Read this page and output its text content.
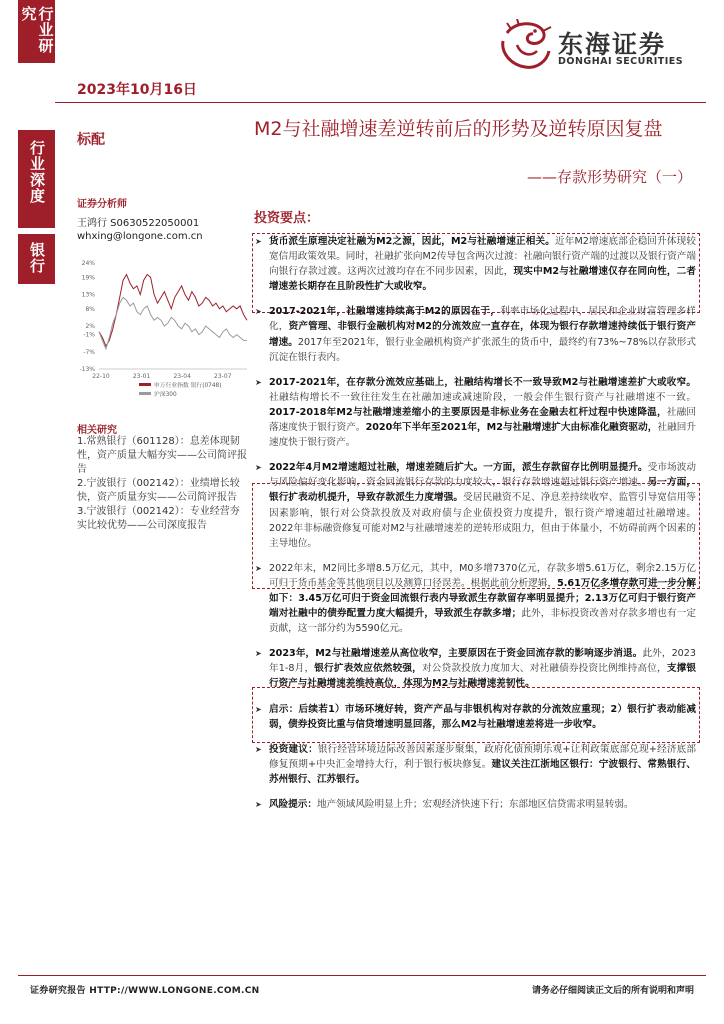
行业研究
行业深度
银行
2023年10月16日
东海证券
DONGHAI SECURITIES
标配	M2与社融增速差逆转前后的形势及逆转原因复盘
——存款形势研究（一）
证券分析师
王鸿行 S0630522050001
whxing@longone.com.cn
24%
19%
13%
8%
2%
-1%
-7%
-13%
22-10	23-01	23-04	23-07
申万行业指数 银行(0748)
沪深300
相关研究
1.常熟银行（601128）：息差体现韧性，资产质量大幅夯实——公司简评报告
2.宁波银行（002142）：业绩增长较快，资产质量夯实——公司简评报告
3.宁波银行（002142）：专业经营夯实比较优势——公司深度报告
投资要点：
➤ 货币派生原理决定社融为M2之源，因此，M2与社融增速正相关。近年M2增速底部企稳回升体现较宽信用政策效果。同时，社融扩张向M2传导包含两次过渡：社融向银行资产端的过渡以及银行资产端向银行存款过渡。这两次过渡均存在不同步因素，因此，现实中M2与社融增速仅存在同向性，二者增速差长期存在且阶段性扩大或收窄。
➤ 2017-2021年，社融增速持续高于M2的原因在于，利率市场化过程中，居民和企业财富管理多样化，资产管理、非银行金融机构对M2的分流效应一直存在，体现为银行存款增速持续低于银行资产增速。2017年至2021年，银行业金融机构资产扩张派生的货币中，最终约有73%~78%以存款形式沉淀在银行表内。
➤ 2017-2021年，在存款分流效应基础上，社融结构增长不一致导致M2与社融增速差扩大或收窄。社融结构增长不一致往往发生在社融加速或减速阶段，一般会伴生银行资产与社融增速不一致。2017-2018年M2与社融增速差缩小的主要原因是非标业务在金融去杠杆过程中快速降温，社融回落速度快于银行资产。2020年下半年至2021年，M2与社融增速扩大由标准化融资驱动，社融回升速度快于银行资产。
➤ 2022年4月M2增速超过社融，增速差随后扩大。一方面，派生存款留存比例明显提升。受市场波动与风险偏好变化影响，资金回流银行存款的力度较大，银行存款增速超过银行资产增速。另一方面，银行扩表动机提升，导致存款派生力度增强。受居民融资不足、净息差持续收窄、监管引导宽信用等因素影响，银行对公贷款投放及对政府债与企业债投资力度提升，银行资产增速超过社融增速。2022年非标融资修复可能对M2与社融增速差的逆转形成阻力，但由于体量小，不妨碍前两个因素的主导地位。
➤ 2022年末，M2同比多增8.5万亿元，其中，M0多增7370亿元，存款多增5.61万亿，剩余2.15万亿可归于货币基金等其他项目以及测算口径误差。根据此前分析逻辑，5.61万亿多增存款可进一步分解如下：3.45万亿可归于资金回流银行表内导致派生存款留存率明显提升；2.13万亿可归于银行资产端对社融中的债券配置力度大幅提升，导致派生存款多增；此外，非标投资改善对存款多增也有一定贡献，这一部分约为5590亿元。
➤ 2023年，M2与社融增速差从高位收窄，主要原因在于资金回流存款的影响逐步消退。此外，2023年1-8月，银行扩表效应依然较强，对公贷款投放力度加大、对社融债券投资比例维持高位，支撑银行资产与社融增速差维持高位，体现为M2与社融增速差韧性。
➤ 启示：后续若1）市场环境好转，资产产品与非银机构对存款的分流效应重现；2）银行扩表动能减弱，债券投资比重与信贷增速明显回落，那么M2与社融增速差将进一步收窄。
➤ 投资建议：银行经营环境边际改善因素逐步聚集，政府化债预期乐观+让利政策底部兑现+经济底部修复预期+中央汇金增持大行，利于银行板块修复。建议关注江浙地区银行：宁波银行、常熟银行、苏州银行、江苏银行。
➤ 风险提示：地产领域风险明显上升；宏观经济快速下行；东部地区信贷需求明显转弱。
证券研究报告 HTTP://WWW.LONGONE.COM.CN	请务必仔细阅读正文后的所有说明和声明
